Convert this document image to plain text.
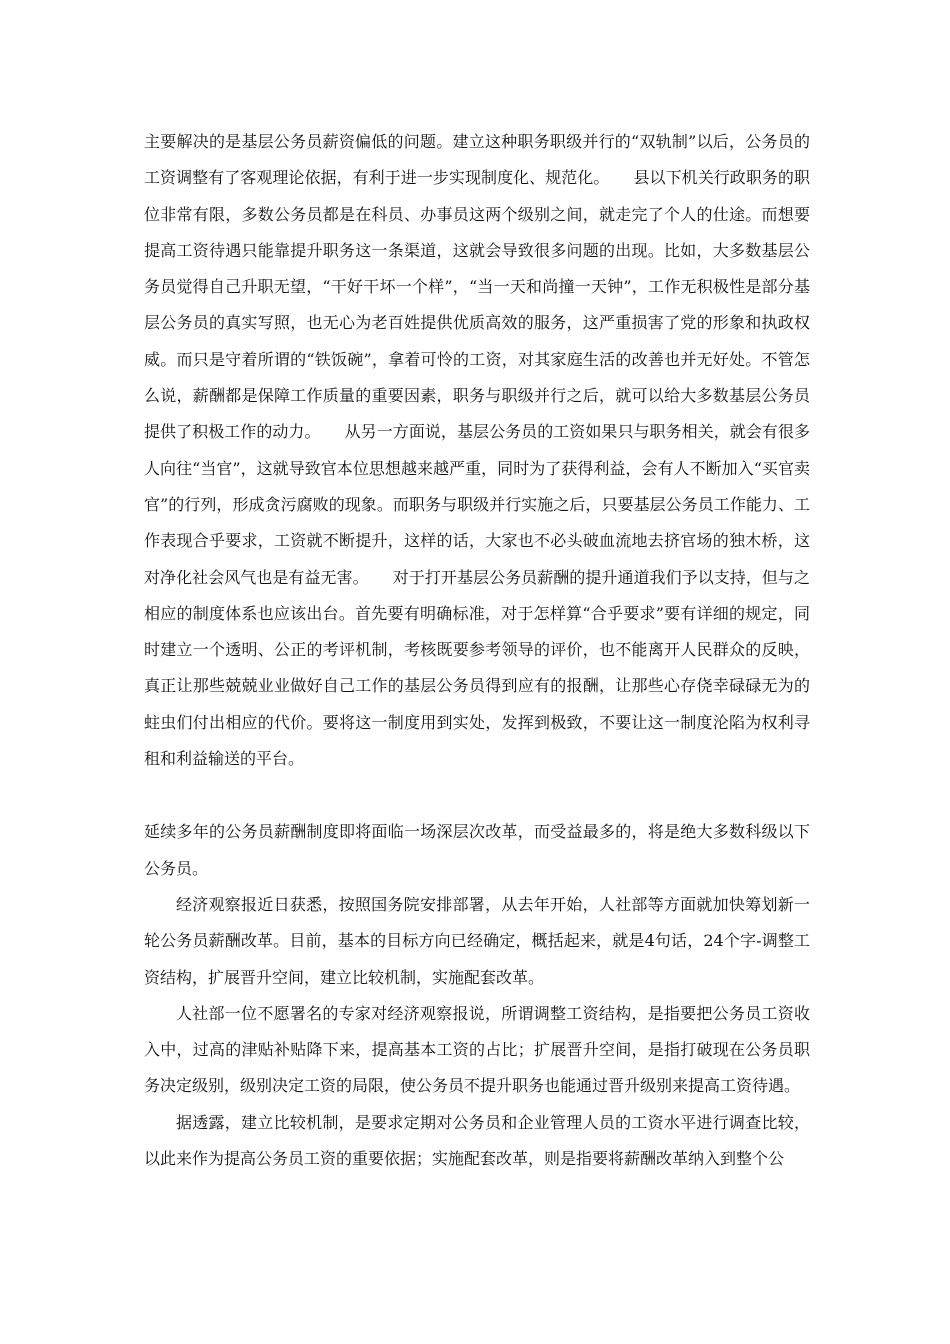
主要解决的是基层公务员薪资偏低的问题。建立这种职务职级并行的“双轨制”以后，公务员的工资调整有了客观理论依据，有利于进一步实现制度化、规范化。　　县以下机关行政职务的职位非常有限，多数公务员都是在科员、办事员这两个级别之间，就走完了个人的仕途。而想要提高工资待遇只能靠提升职务这一条渠道，这就会导致很多问题的出现。比如，大多数基层公务员觉得自己升职无望，“干好干坏一个样”，“当一天和尚撞一天钟”，工作无积极性是部分基层公务员的真实写照，也无心为老百姓提供优质高效的服务，这严重损害了党的形象和执政权威。而只是守着所谓的“铁饭碗”，拿着可怜的工资，对其家庭生活的改善也并无好处。不管怎么说，薪酬都是保障工作质量的重要因素，职务与职级并行之后，就可以给大多数基层公务员提供了积极工作的动力。　　从另一方面说，基层公务员的工资如果只与职务相关，就会有很多人向往“当官”，这就导致官本位思想越来越严重，同时为了获得利益，会有人不断加入“买官卖官”的行列，形成贪污腐败的现象。而职务与职级并行实施之后，只要基层公务员工作能力、工作表现合乎要求，工资就不断提升，这样的话，大家也不必头破血流地去挤官场的独木桥，这对净化社会风气也是有益无害。　　对于打开基层公务员薪酬的提升通道我们予以支持，但与之相应的制度体系也应该出台。首先要有明确标准，对于怎样算“合乎要求”要有详细的规定，同时建立一个透明、公正的考评机制，考核既要参考领导的评价，也不能离开人民群众的反映，真正让那些兢兢业业做好自己工作的基层公务员得到应有的报酬，让那些心存侥幸碌碌无为的蛀虫们付出相应的代价。要将这一制度用到实处，发挥到极致，不要让这一制度沦陷为权利寻租和利益输送的平台。

延续多年的公务员薪酬制度即将面临一场深层次改革，而受益最多的，将是绝大多数科级以下公务员。

经济观察报近日获悉，按照国务院安排部署，从去年开始，人社部等方面就加快筹划新一轮公务员薪酬改革。目前，基本的目标方向已经确定，概括起来，就是4句话，24个字-调整工资结构，扩展晋升空间，建立比较机制，实施配套改革。

人社部一位不愿署名的专家对经济观察报说，所谓调整工资结构，是指要把公务员工资收入中，过高的津贴补贴降下来，提高基本工资的占比；扩展晋升空间，是指打破现在公务员职务决定级别，级别决定工资的局限，使公务员不提升职务也能通过晋升级别来提高工资待遇。

据透露，建立比较机制，是要求定期对公务员和企业管理人员的工资水平进行调查比较，以此来作为提高公务员工资的重要依据；实施配套改革，则是指要将薪酬改革纳入到整个公
